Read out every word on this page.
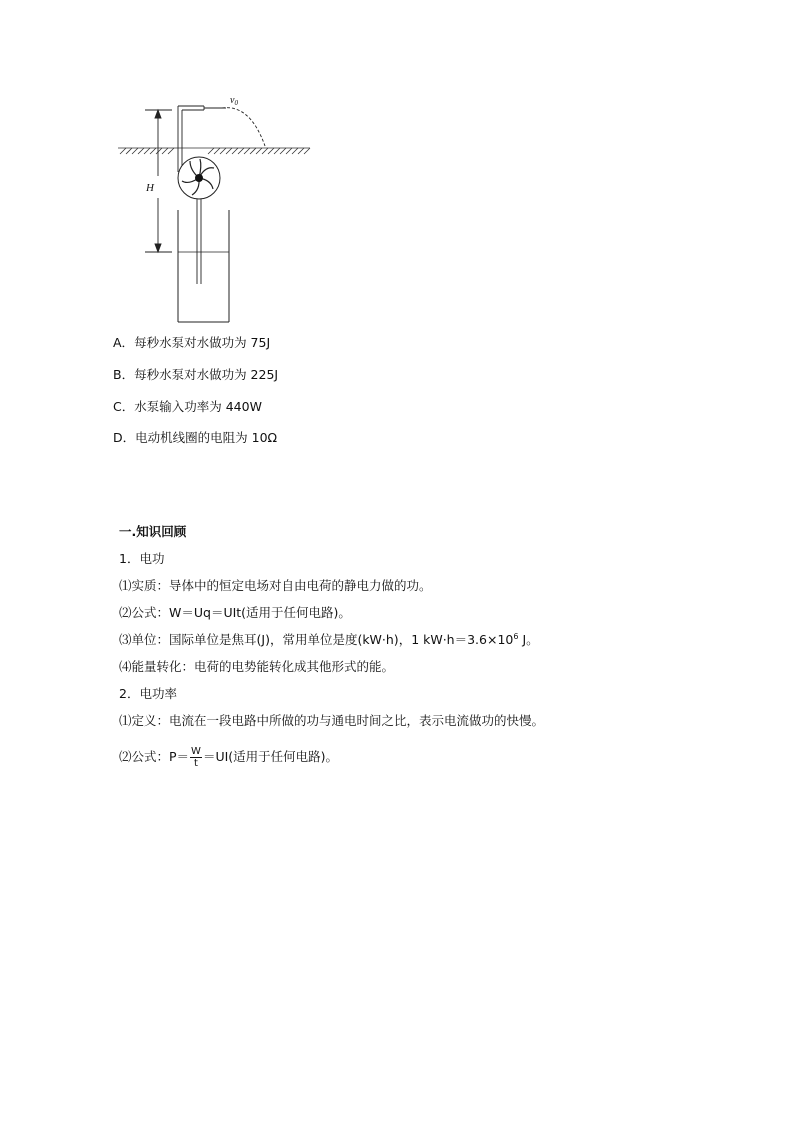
$v_0$
H
A．每秒水泵对水做功为 75J
B．每秒水泵对水做功为 225J
C．水泵输入功率为 440W
D．电动机线圈的电阻为 10Ω
一.知识回顾
1．电功
⑴实质：导体中的恒定电场对自由电荷的静电力做的功。
⑵公式：W＝Uq＝UIt(适用于任何电路)。
⑶单位：国际单位是焦耳(J)，常用单位是度(kW·h)，1 $kW\cdot h=3.6\times 10^6$ J。
⑷能量转化：电荷的电势能转化成其他形式的能。
2．电功率
⑴定义：电流在一段电路中所做的功与通电时间之比，表示电流做功的快慢。
⑵公式：$P= \frac{W}{t} =UI$(适用于任何电路)。
